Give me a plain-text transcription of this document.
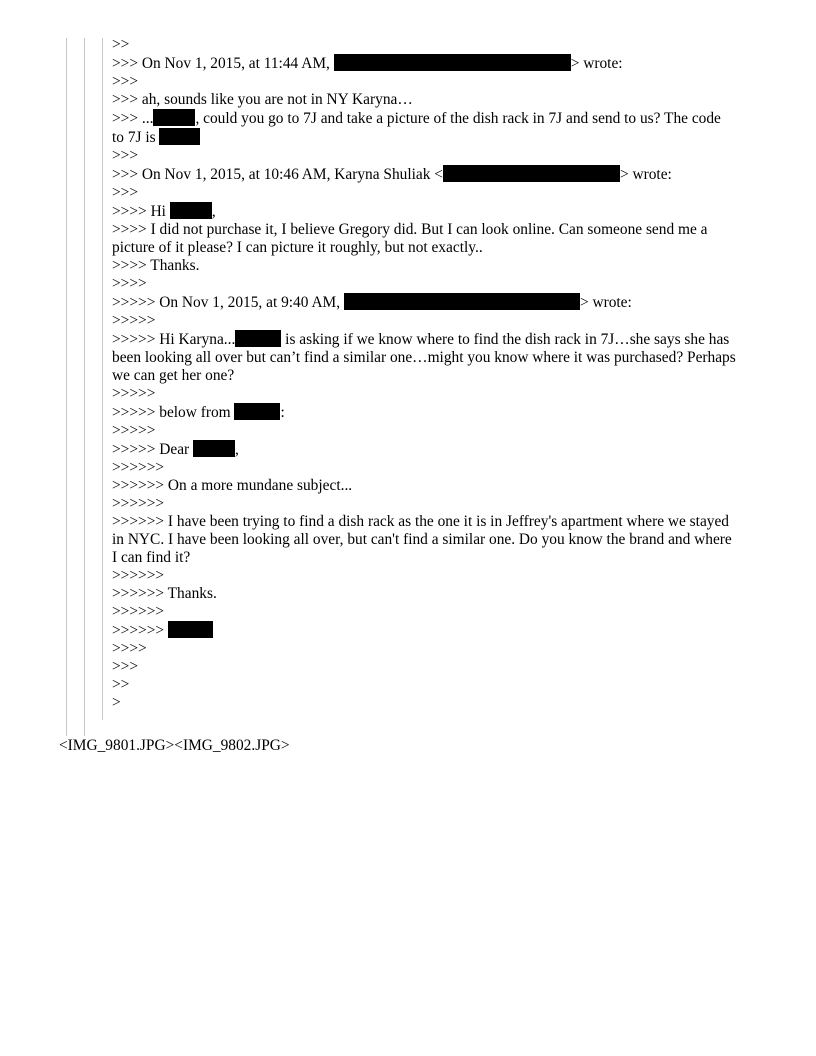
>>
>>> On Nov 1, 2015, at 11:44 AM,	> wrote:
>>>
>>> ah, sounds like you are not in NY Karyna…
>>> ...	, could you go to 7J and take a picture of the dish rack in 7J and send to us? The code to 7J is
>>>
>>> On Nov 1, 2015, at 10:46 AM, Karyna Shuliak <	> wrote:
>>>
>>>> Hi	,
>>>> I did not purchase it, I believe Gregory did. But I can look online. Can someone send me a picture of it please? I can picture it roughly, but not exactly..
>>>> Thanks.
>>>>
>>>>> On Nov 1, 2015, at 9:40 AM,	> wrote:
>>>>>
>>>>> Hi Karyna...	is asking if we know where to find the dish rack in 7J…she says she has been looking all over but can’t find a similar one…might you know where it was purchased? Perhaps we can get her one?
>>>>>
>>>>> below from	:
>>>>>
>>>>> Dear	,
>>>>>>
>>>>>> On a more mundane subject...
>>>>>>
>>>>>> I have been trying to find a dish rack as the one it is in Jeffrey's apartment where we stayed in NYC. I have been looking all over, but can't find a similar one. Do you know the brand and where I can find it?
>>>>>>
>>>>>> Thanks.
>>>>>>
>>>>>>
>>>>
>>>
>>
>
<IMG_9801.JPG><IMG_9802.JPG>
